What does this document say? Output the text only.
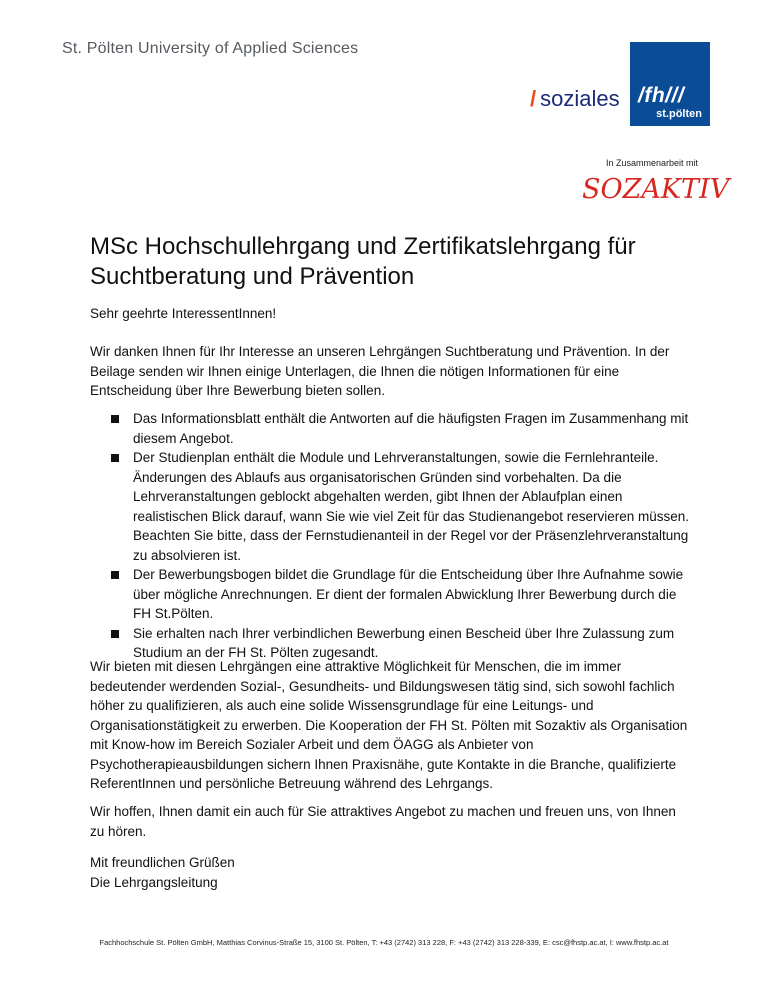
St. Pölten University of Applied Sciences
/ soziales /fh///
st.pölten
In Zusammenarbeit mit
SOZAKTIV
MSc Hochschullehrgang und Zertifikatslehrgang für Suchtberatung und Prävention

Sehr geehrte InteressentInnen!

Wir danken Ihnen für Ihr Interesse an unseren Lehrgängen Suchtberatung und Prävention. In der Beilage senden wir Ihnen einige Unterlagen, die Ihnen die nötigen Informationen für eine Entscheidung über Ihre Bewerbung bieten sollen.

Das Informationsblatt enthält die Antworten auf die häufigsten Fragen im Zusammenhang mit diesem Angebot.
Der Studienplan enthält die Module und Lehrveranstaltungen, sowie die Fernlehranteile. Änderungen des Ablaufs aus organisatorischen Gründen sind vorbehalten. Da die Lehrveranstaltungen geblockt abgehalten werden, gibt Ihnen der Ablaufplan einen realistischen Blick darauf, wann Sie wie viel Zeit für das Studienangebot reservieren müssen. Beachten Sie bitte, dass der Fernstudienanteil in der Regel vor der Präsenzlehrveranstaltung zu absolvieren ist.
Der Bewerbungsbogen bildet die Grundlage für die Entscheidung über Ihre Aufnahme sowie über mögliche Anrechnungen. Er dient der formalen Abwicklung Ihrer Bewerbung durch die FH St.Pölten.
Sie erhalten nach Ihrer verbindlichen Bewerbung einen Bescheid über Ihre Zulassung zum Studium an der FH St. Pölten zugesandt.

Wir bieten mit diesen Lehrgängen eine attraktive Möglichkeit für Menschen, die im immer bedeutender werdenden Sozial-, Gesundheits- und Bildungswesen tätig sind, sich sowohl fachlich höher zu qualifizieren, als auch eine solide Wissensgrundlage für eine Leitungs- und Organisationstätigkeit zu erwerben. Die Kooperation der FH St. Pölten mit Sozaktiv als Organisation mit Know-how im Bereich Sozialer Arbeit und dem ÖAGG als Anbieter von Psychotherapieausbildungen sichern Ihnen Praxisnähe, gute Kontakte in die Branche, qualifizierte ReferentInnen und persönliche Betreuung während des Lehrgangs.

Wir hoffen, Ihnen damit ein auch für Sie attraktives Angebot zu machen und freuen uns, von Ihnen zu hören.

Mit freundlichen Grüßen
Die Lehrgangsleitung

Fachhochschule St. Pölten GmbH, Matthias Corvinus-Straße 15, 3100 St. Pölten, T: +43 (2742) 313 228, F: +43 (2742) 313 228-339, E: csc@fhstp.ac.at, I: www.fhstp.ac.at
